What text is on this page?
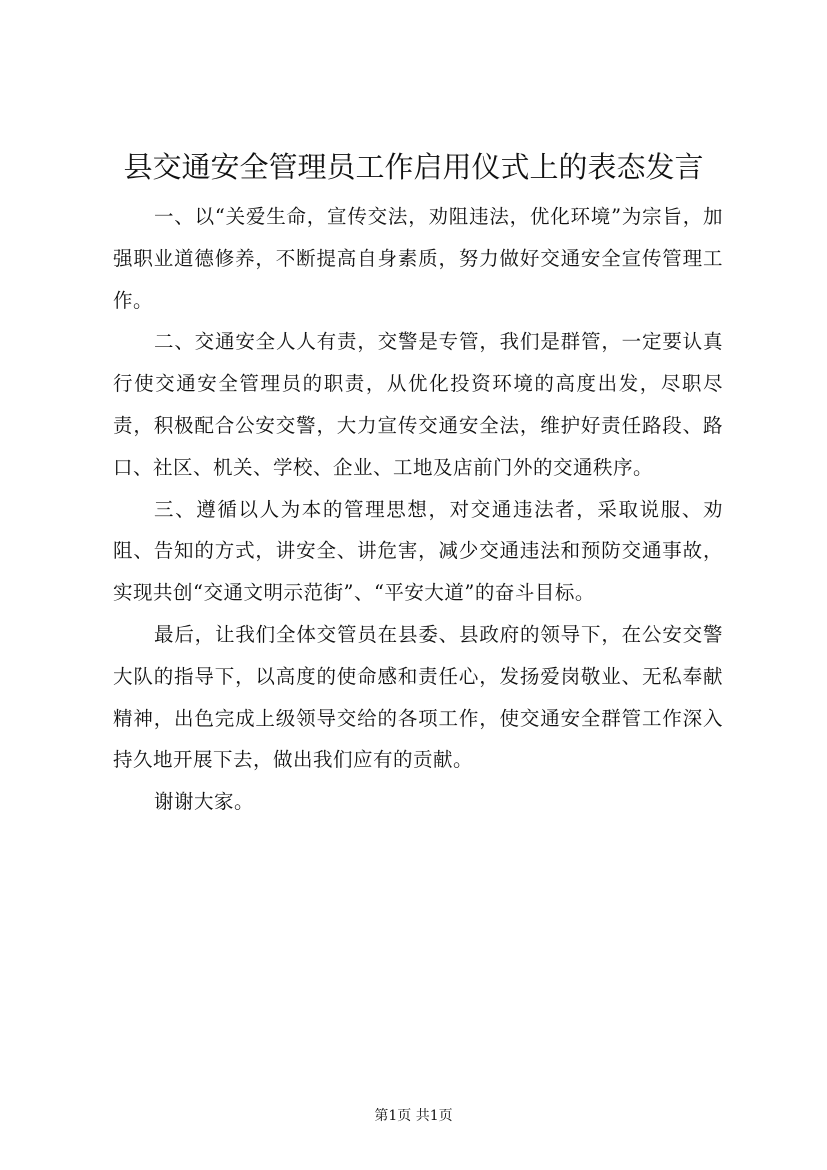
县交通安全管理员工作启用仪式上的表态发言

一、以“关爱生命，宣传交法，劝阻违法，优化环境”为宗旨，加强职业道德修养，不断提高自身素质，努力做好交通安全宣传管理工作。

二、交通安全人人有责，交警是专管，我们是群管，一定要认真行使交通安全管理员的职责，从优化投资环境的高度出发，尽职尽责，积极配合公安交警，大力宣传交通安全法，维护好责任路段、路口、社区、机关、学校、企业、工地及店前门外的交通秩序。

三、遵循以人为本的管理思想，对交通违法者，采取说服、劝阻、告知的方式，讲安全、讲危害，减少交通违法和预防交通事故，实现共创“交通文明示范街”、“平安大道”的奋斗目标。

最后，让我们全体交管员在县委、县政府的领导下，在公安交警大队的指导下，以高度的使命感和责任心，发扬爱岗敬业、无私奉献精神，出色完成上级领导交给的各项工作，使交通安全群管工作深入持久地开展下去，做出我们应有的贡献。

谢谢大家。

第1页 共1页
